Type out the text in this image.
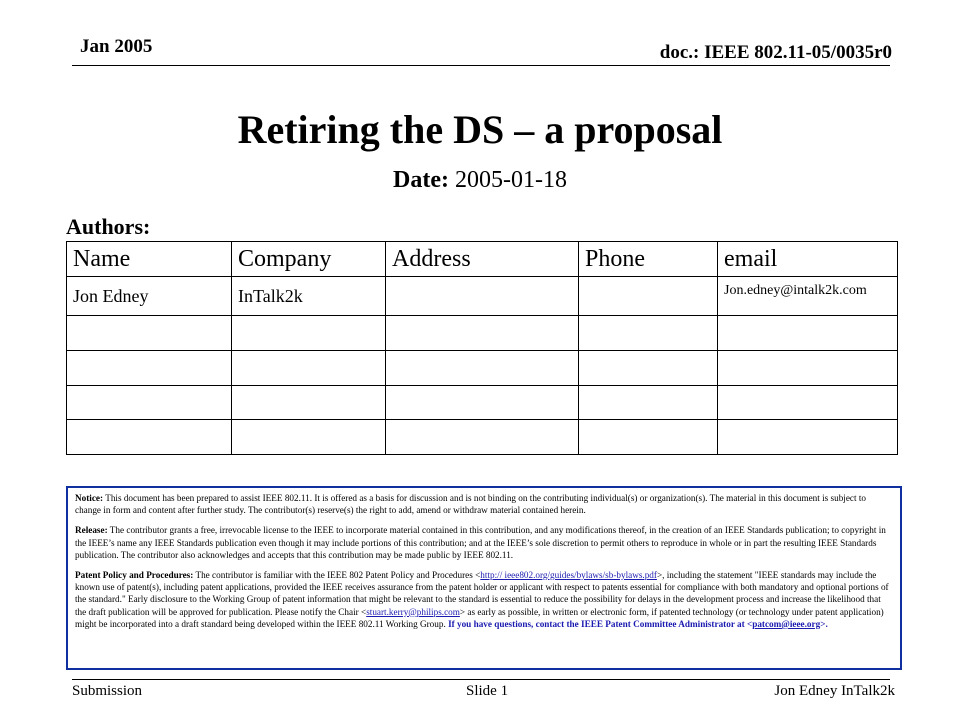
Jan 2005	doc.: IEEE 802.11-05/0035r0
Retiring the DS – a proposal
Date: 2005-01-18
Authors:
Name	Company	Address	Phone	email
Jon Edney	InTalk2k			Jon.edney@intalk2k.com

Notice: This document has been prepared to assist IEEE 802.11. It is offered as a basis for discussion and is not binding on the contributing individual(s) or organization(s). The material in this document is subject to change in form and content after further study. The contributor(s) reserve(s) the right to add, amend or withdraw material contained herein.

Release: The contributor grants a free, irrevocable license to the IEEE to incorporate material contained in this contribution, and any modifications thereof, in the creation of an IEEE Standards publication; to copyright in the IEEE’s name any IEEE Standards publication even though it may include portions of this contribution; and at the IEEE’s sole discretion to permit others to reproduce in whole or in part the resulting IEEE Standards publication. The contributor also acknowledges and accepts that this contribution may be made public by IEEE 802.11.

Patent Policy and Procedures: The contributor is familiar with the IEEE 802 Patent Policy and Procedures <http:// ieee802.org/guides/bylaws/sb-bylaws.pdf>, including the statement "IEEE standards may include the known use of patent(s), including patent applications, provided the IEEE receives assurance from the patent holder or applicant with respect to patents essential for compliance with both mandatory and optional portions of the standard." Early disclosure to the Working Group of patent information that might be relevant to the standard is essential to reduce the possibility for delays in the development process and increase the likelihood that the draft publication will be approved for publication. Please notify the Chair <stuart.kerry@philips.com> as early as possible, in written or electronic form, if patented technology (or technology under patent application) might be incorporated into a draft standard being developed within the IEEE 802.11 Working Group. If you have questions, contact the IEEE Patent Committee Administrator at <patcom@ieee.org>.

Submission	Slide 1	Jon Edney InTalk2k
